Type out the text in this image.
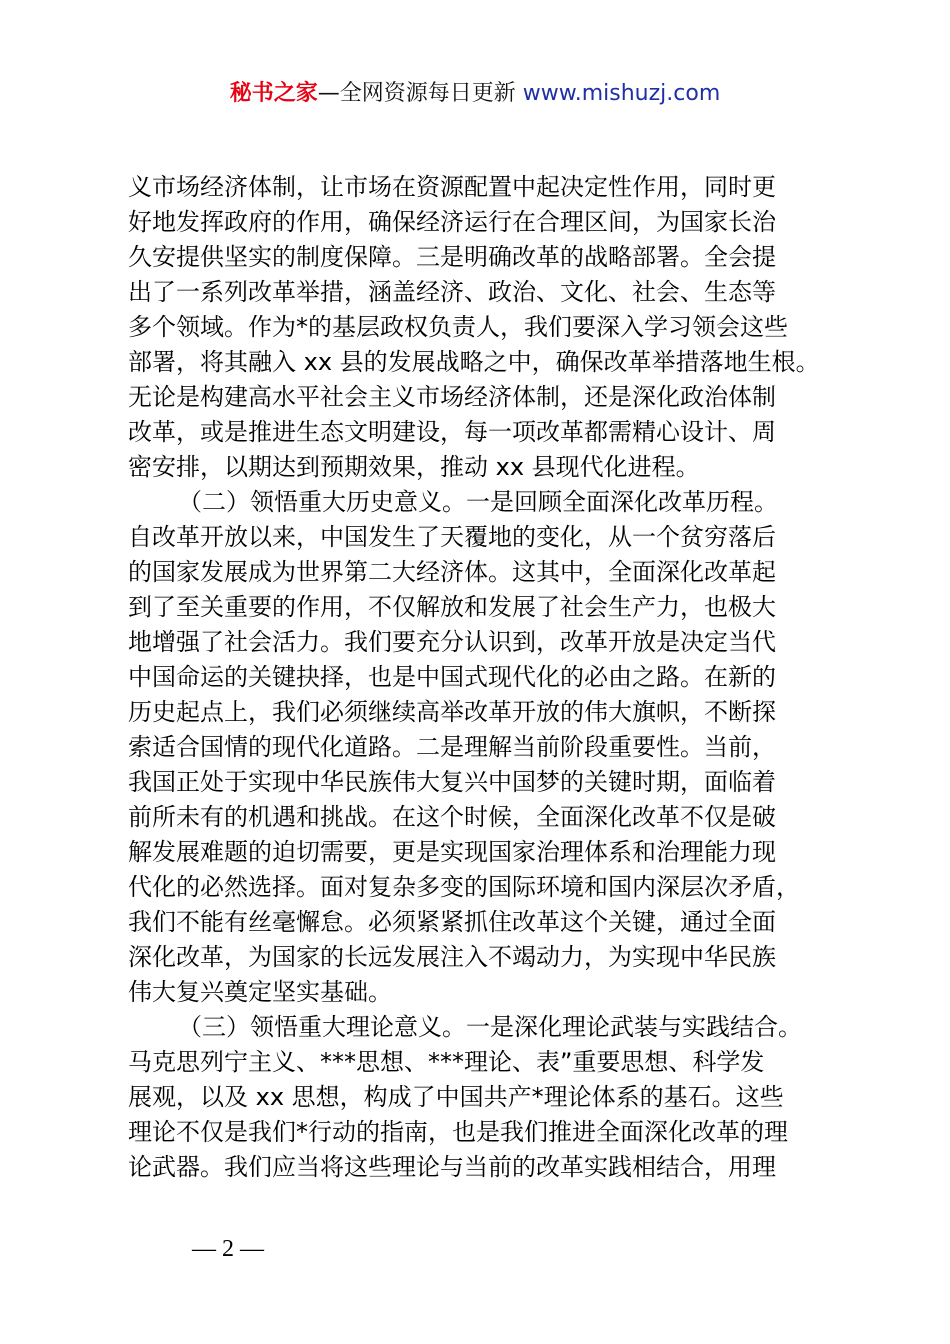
秘书之家—全网资源每日更新 www.mishuzj.com
义市场经济体制，让市场在资源配置中起决定性作用，同时更
好地发挥政府的作用，确保经济运行在合理区间，为国家长治
久安提供坚实的制度保障。三是明确改革的战略部署。全会提
出了一系列改革举措，涵盖经济、政治、文化、社会、生态等
多个领域。作为*的基层政权负责人，我们要深入学习领会这些
部署，将其融入 xx 县的发展战略之中，确保改革举措落地生根。
无论是构建高水平社会主义市场经济体制，还是深化政治体制
改革，或是推进生态文明建设，每一项改革都需精心设计、周
密安排，以期达到预期效果，推动 xx 县现代化进程。
（二）领悟重大历史意义。一是回顾全面深化改革历程。
自改革开放以来，中国发生了天覆地的变化，从一个贫穷落后
的国家发展成为世界第二大经济体。这其中，全面深化改革起
到了至关重要的作用，不仅解放和发展了社会生产力，也极大
地增强了社会活力。我们要充分认识到，改革开放是决定当代
中国命运的关键抉择，也是中国式现代化的必由之路。在新的
历史起点上，我们必须继续高举改革开放的伟大旗帜，不断探
索适合国情的现代化道路。二是理解当前阶段重要性。当前，
我国正处于实现中华民族伟大复兴中国梦的关键时期，面临着
前所未有的机遇和挑战。在这个时候，全面深化改革不仅是破
解发展难题的迫切需要，更是实现国家治理体系和治理能力现
代化的必然选择。面对复杂多变的国际环境和国内深层次矛盾，
我们不能有丝毫懈怠。必须紧紧抓住改革这个关键，通过全面
深化改革，为国家的长远发展注入不竭动力，为实现中华民族
伟大复兴奠定坚实基础。
（三）领悟重大理论意义。一是深化理论武装与实践结合。
马克思列宁主义、***思想、***理论、表”重要思想、科学发
展观，以及 xx 思想，构成了中国共产*理论体系的基石。这些
理论不仅是我们*行动的指南，也是我们推进全面深化改革的理
论武器。我们应当将这些理论与当前的改革实践相结合，用理
— 2 —
